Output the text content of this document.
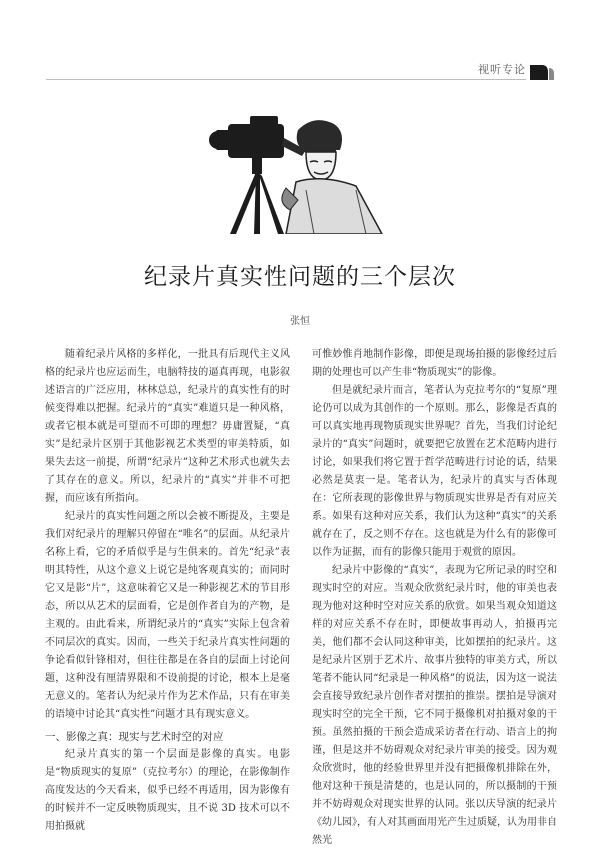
视听专论
纪录片真实性问题的三个层次

张恒

随着纪录片风格的多样化，一批具有后现代主义风格的纪录片也应运而生，电脑特技的逼真再现，电影叙述语言的广泛应用，林林总总，纪录片的真实性有的时候变得难以把握。纪录片的“真实”难道只是一种风格，或者它根本就是可望而不可即的理想？毋庸置疑，“真实”是纪录片区别于其他影视艺术类型的审美特质，如果失去这一前提，所谓“纪录片”这种艺术形式也就失去了其存在的意义。所以，纪录片的“真实”并非不可把握，而应该有所指向。

纪录片的真实性问题之所以会被不断提及，主要是我们对纪录片的理解只停留在“唯名”的层面。从纪录片名称上看，它的矛盾似乎是与生俱来的。首先“纪录”表明其特性，从这个意义上说它是纯客观真实的；而同时它又是影“片”，这意味着它又是一种影视艺术的节目形态，所以从艺术的层面看，它是创作者自为的产物，是主观的。由此看来，所谓纪录片的“真实”实际上包含着不同层次的真实。因而，一些关于纪录片真实性问题的争论看似针锋相对，但往往都是在各自的层面上讨论问题，这种没有厘清界限和不设前提的讨论，根本上是毫无意义的。笔者认为纪录片作为艺术作品，只有在审美的语境中讨论其“真实性”问题才具有现实意义。

一、影像之真：现实与艺术时空的对应

纪录片真实的第一个层面是影像的真实。电影是“物质现实的复原”（克拉考尔）的理论，在影像制作高度发达的今天看来，似乎已经不再适用，因为影像有的时候并不一定反映物质现实，且不说 3D 技术可以不用拍摄就

可惟妙惟肖地制作影像，即便是现场拍摄的影像经过后期的处理也可以产生非“物质现实”的影像。

但是就纪录片而言，笔者认为克拉考尔的“复原”理论仍可以成为其创作的一个原则。那么，影像是否真的可以真实地再现物质现实世界呢？首先，当我们讨论纪录片的“真实”问题时，就要把它放置在艺术范畴内进行讨论，如果我们将它置于哲学范畴进行讨论的话，结果必然是莫衷一是。笔者认为，纪录片的真实与否体现在：它所表现的影像世界与物质现实世界是否有对应关系。如果有这种对应关系，我们认为这种“真实”的关系就存在了，反之则不存在。这也就是为什么有的影像可以作为证据，而有的影像只能用于观赏的原因。

纪录片中影像的“真实”，表现为它所记录的时空和现实时空的对应。当观众欣赏纪录片时，他的审美也表现为他对这种时空对应关系的欣赏。如果当观众知道这样的对应关系不存在时，即便故事再动人，拍摄再完美，他们都不会认同这种审美，比如摆拍的纪录片。这是纪录片区别于艺术片、故事片独特的审美方式，所以笔者不能认同“纪录是一种风格”的说法，因为这一说法会直接导致纪录片创作者对摆拍的推崇。摆拍是导演对现实时空的完全干预，它不同于摄像机对拍摄对象的干预。虽然拍摄的干预会造成采访者在行动、语言上的拘谨，但是这并不妨碍观众对纪录片审美的接受。因为观众欣赏时，他的经验世界里并没有把摄像机排除在外，他对这种干预是清楚的，也是认同的，所以摄制的干预并不妨碍观众对现实世界的认同。张以庆导演的纪录片《幼儿园》，有人对其画面用光产生过质疑，认为用非自然光
